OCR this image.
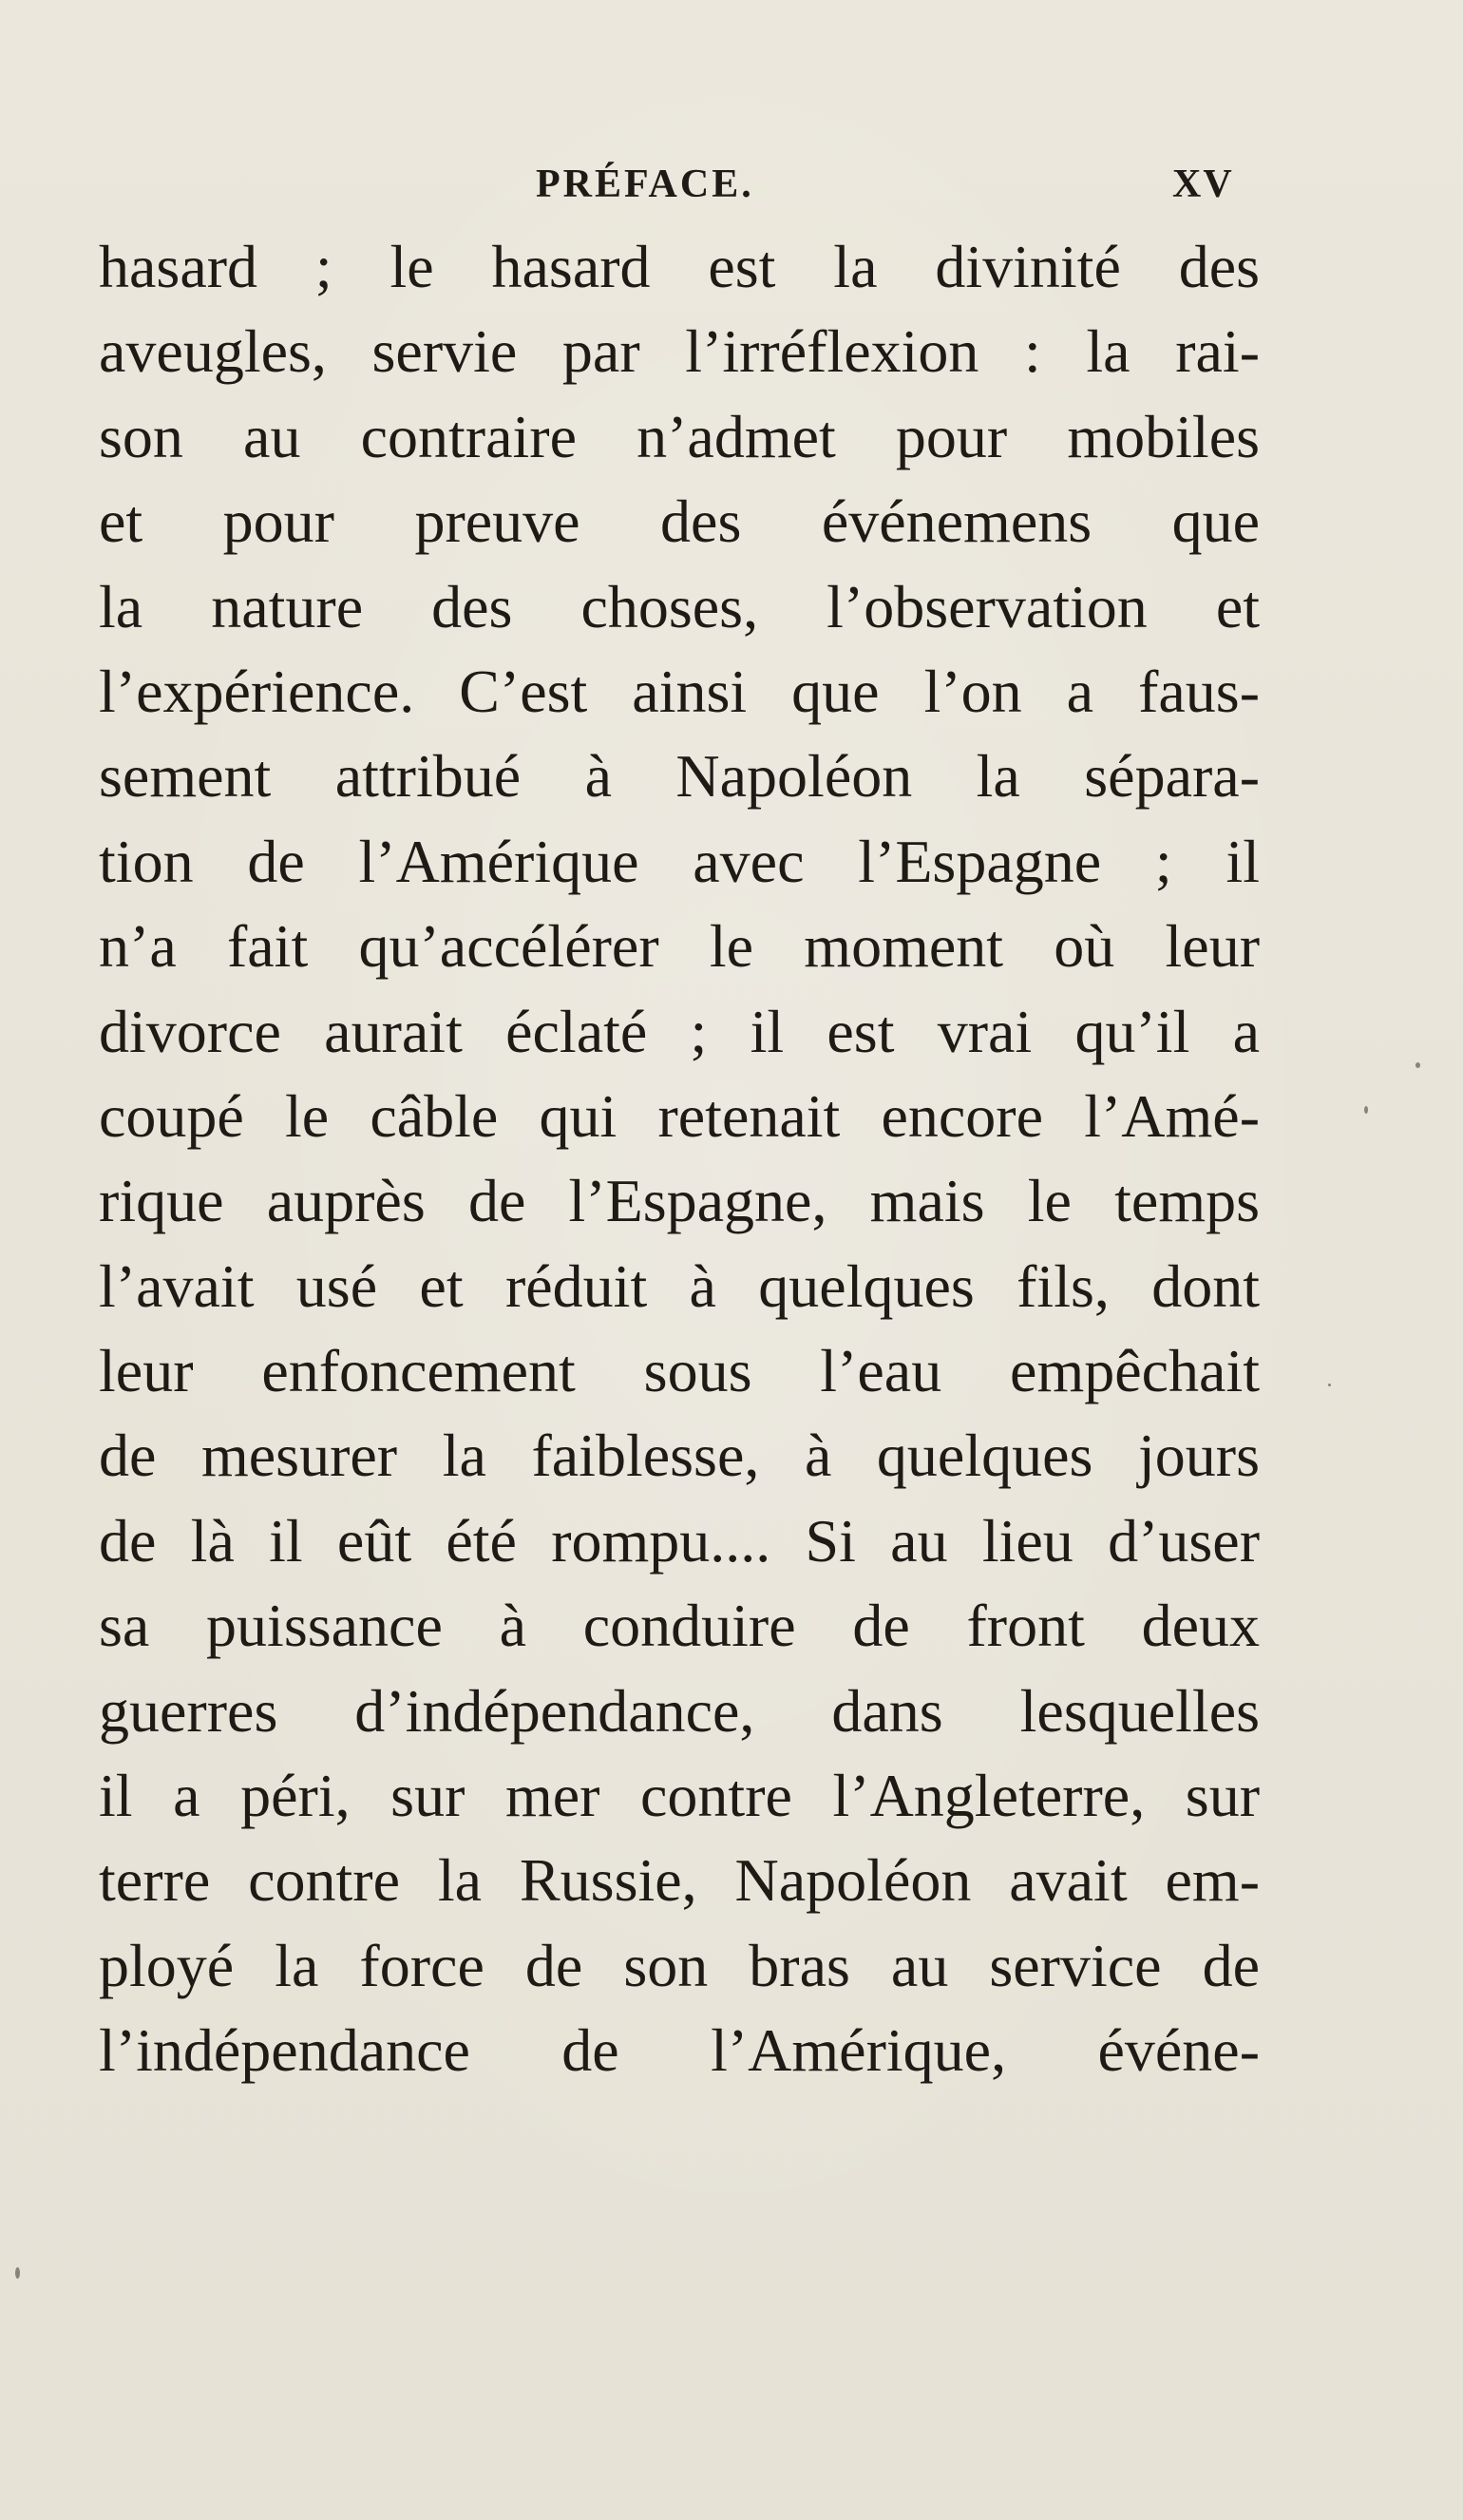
PRÉFACE.	XV
hasard ; le hasard est la divinité des
aveugles, servie par l’irréflexion : la rai-
son au contraire n’admet pour mobiles
et pour preuve des événemens que
la nature des choses, l’observation et
l’expérience. C’est ainsi que l’on a faus-
sement attribué à Napoléon la sépara-
tion de l’Amérique avec l’Espagne ; il
n’a fait qu’accélérer le moment où leur
divorce aurait éclaté ; il est vrai qu’il a
coupé le câble qui retenait encore l’Amé-
rique auprès de l’Espagne, mais le temps
l’avait usé et réduit à quelques fils, dont
leur enfoncement sous l’eau empêchait
de mesurer la faiblesse, à quelques jours
de là il eût été rompu.... Si au lieu d’user
sa puissance à conduire de front deux
guerres d’indépendance, dans lesquelles
il a péri, sur mer contre l’Angleterre, sur
terre contre la Russie, Napoléon avait em-
ployé la force de son bras au service de
l’indépendance de l’Amérique, événe-
